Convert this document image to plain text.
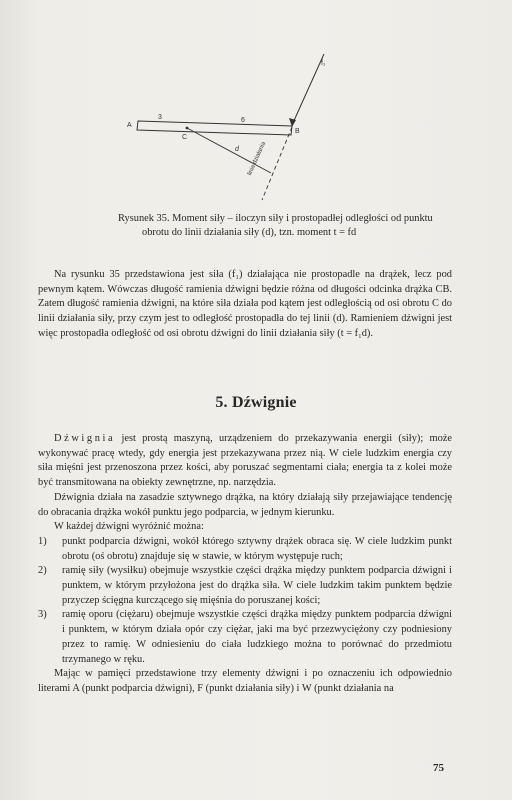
A
B
C
d
f₁
3	6
linia działania
Rysunek 35. Moment siły – iloczyn siły i prostopadłej odległości od punktu
obrotu do linii działania siły (d), tzn. moment t = fd

Na rysunku 35 przedstawiona jest siła (f₁) działająca nie prostopadle na drążek, lecz pod pewnym kątem. Wówczas długość ramienia dźwigni będzie różna od długości odcinka drążka CB. Zatem długość ramienia dźwigni, na które siła działa pod kątem jest odległością od osi obrotu C do linii działania siły, przy czym jest to odległość prostopadła do tej linii (d). Ramieniem dźwigni jest więc prostopadła odległość od osi obrotu dźwigni do linii działania siły (t = f₁d).

5. Dźwignie

Dźwignia jest prostą maszyną, urządzeniem do przekazywania energii (siły); może wykonywać pracę wtedy, gdy energia jest przekazywana przez nią. W ciele ludzkim energia czy siła mięśni jest przenoszona przez kości, aby poruszać segmentami ciała; energia ta z kolei może być transmitowana na obiekty zewnętrzne, np. narzędzia.

Dźwignia działa na zasadzie sztywnego drążka, na który działają siły przejawiające tendencję do obracania drążka wokół punktu jego podparcia, w jednym kierunku.

W każdej dźwigni wyróżnić można:

1) punkt podparcia dźwigni, wokół którego sztywny drążek obraca się. W ciele ludzkim punkt obrotu (oś obrotu) znajduje się w stawie, w którym występuje ruch;
2) ramię siły (wysiłku) obejmuje wszystkie części drążka między punktem podparcia dźwigni i punktem, w którym przyłożona jest do drążka siła. W ciele ludzkim takim punktem będzie przyczep ścięgna kurczącego się mięśnia do poruszanej kości;
3) ramię oporu (ciężaru) obejmuje wszystkie części drążka między punktem podparcia dźwigni i punktem, w którym działa opór czy ciężar, jaki ma być przezwyciężony czy podniesiony przez to ramię. W odniesieniu do ciała ludzkiego można to porównać do przedmiotu trzymanego w ręku.

Mając w pamięci przedstawione trzy elementy dźwigni i po oznaczeniu ich odpowiednio literami A (punkt podparcia dźwigni), F (punkt działania siły) i W (punkt działania na

75
